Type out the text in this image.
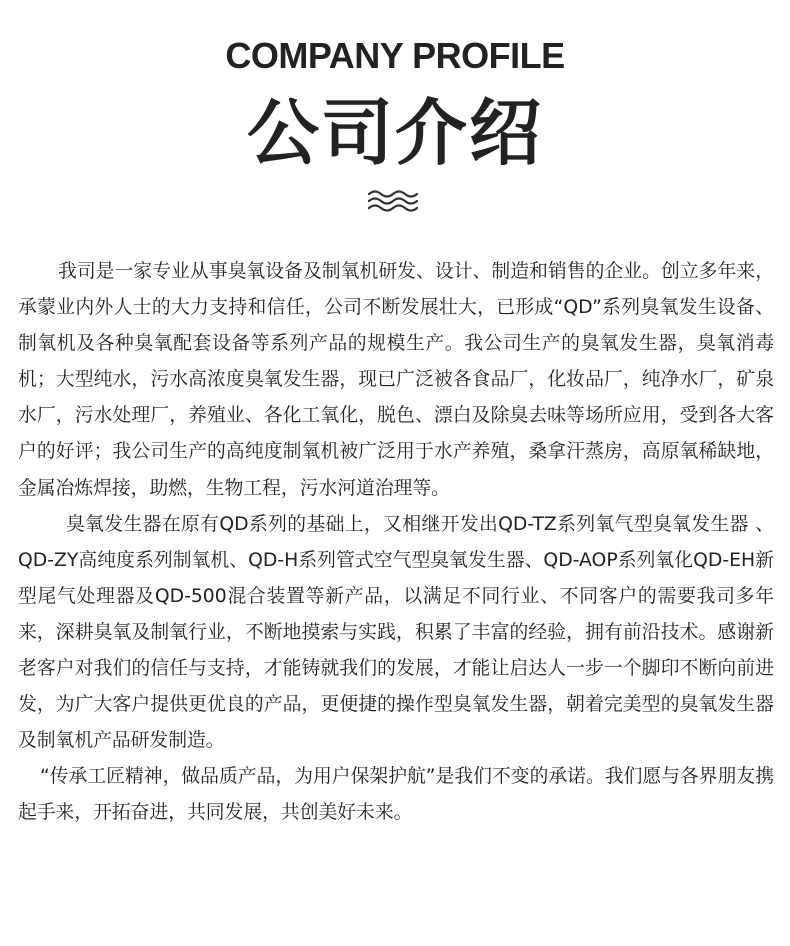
COMPANY PROFILE
公司介绍

我司是一家专业从事臭氧设备及制氧机研发、设计、制造和销售的企业。创立多年来，承蒙业内外人士的大力支持和信任，公司不断发展壮大，已形成“QD”系列臭氧发生设备、制氧机及各种臭氧配套设备等系列产品的规模生产。我公司生产的臭氧发生器，臭氧消毒机；大型纯水，污水高浓度臭氧发生器，现已广泛被各食品厂，化妆品厂，纯净水厂，矿泉水厂，污水处理厂，养殖业、各化工氧化，脱色、漂白及除臭去味等场所应用，受到各大客户的好评；我公司生产的高纯度制氧机被广泛用于水产养殖，桑拿汗蒸房，高原氧稀缺地，金属冶炼焊接，助燃，生物工程，污水河道治理等。

臭氧发生器在原有QD系列的基础上，又相继开发出QD-TZ系列氧气型臭氧发生器 、QD-ZY高纯度系列制氧机、QD-H系列管式空气型臭氧发生器、QD-AOP系列氧化QD-EH新型尾气处理器及QD-500混合装置等新产品，以满足不同行业、不同客户的需要我司多年来，深耕臭氧及制氧行业，不断地摸索与实践，积累了丰富的经验，拥有前沿技术。感谢新老客户对我们的信任与支持，才能铸就我们的发展，才能让启达人一步一个脚印不断向前进发，为广大客户提供更优良的产品，更便捷的操作型臭氧发生器，朝着完美型的臭氧发生器及制氧机产品研发制造。

“传承工匠精神，做品质产品，为用户保架护航”是我们不变的承诺。我们愿与各界朋友携起手来，开拓奋进，共同发展，共创美好未来。
